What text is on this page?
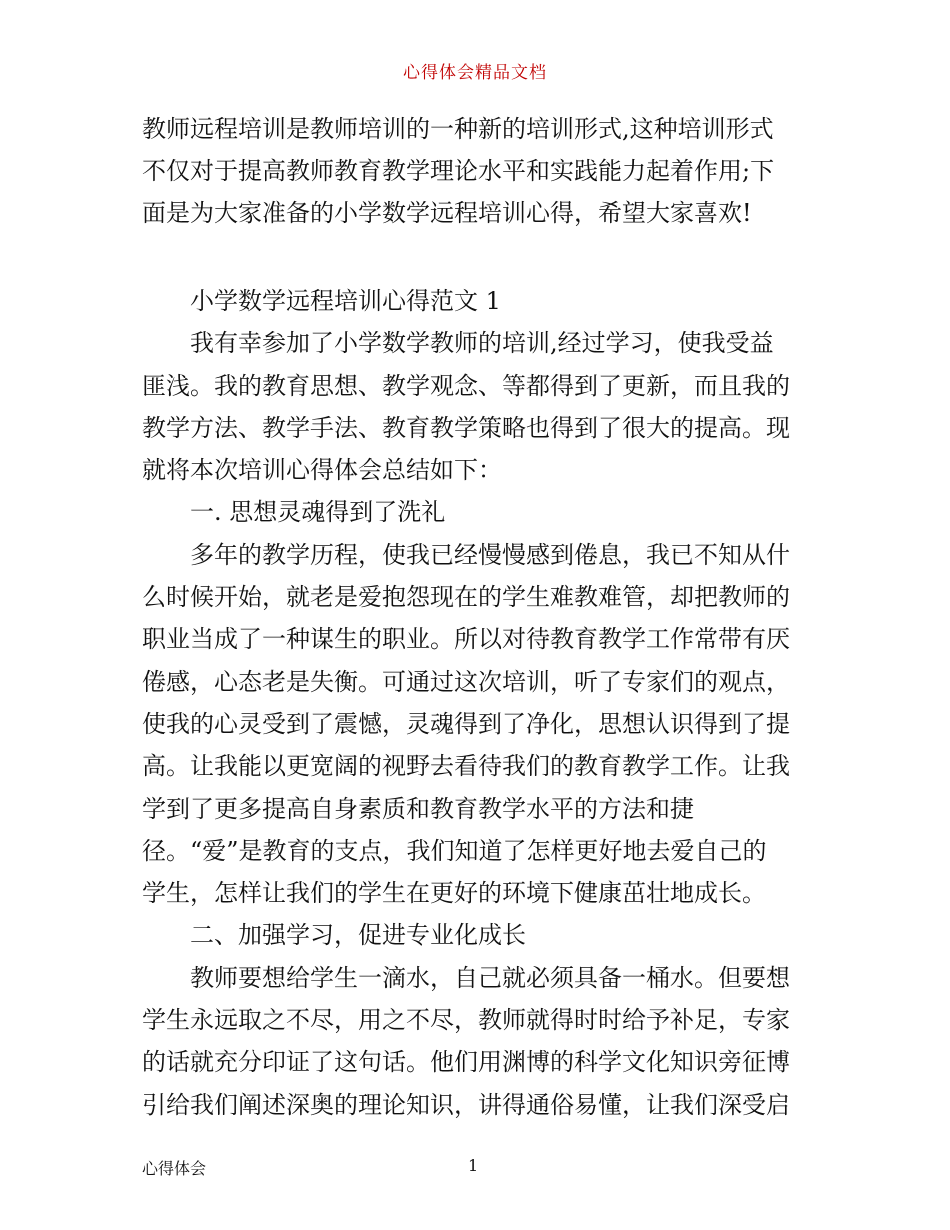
心得体会精品文档
教师远程培训是教师培训的一种新的培训形式,这种培训形式
不仅对于提高教师教育教学理论水平和实践能力起着作用;下
面是为大家准备的小学数学远程培训心得，希望大家喜欢!
小学数学远程培训心得范文 1
我有幸参加了小学数学教师的培训,经过学习，使我受益
匪浅。我的教育思想、教学观念、等都得到了更新，而且我的
教学方法、教学手法、教育教学策略也得到了很大的提高。现
就将本次培训心得体会总结如下：
一. 思想灵魂得到了洗礼
多年的教学历程，使我已经慢慢感到倦息，我已不知从什
么时候开始，就老是爱抱怨现在的学生难教难管，却把教师的
职业当成了一种谋生的职业。所以对待教育教学工作常带有厌
倦感，心态老是失衡。可通过这次培训，听了专家们的观点，
使我的心灵受到了震憾，灵魂得到了净化，思想认识得到了提
高。让我能以更宽阔的视野去看待我们的教育教学工作。让我
学到了更多提高自身素质和教育教学水平的方法和捷
径。“爱”是教育的支点，我们知道了怎样更好地去爱自己的
学生，怎样让我们的学生在更好的环境下健康茁壮地成长。
二、加强学习，促进专业化成长
教师要想给学生一滴水，自己就必须具备一桶水。但要想
学生永远取之不尽，用之不尽，教师就得时时给予补足，专家
的话就充分印证了这句话。他们用渊博的科学文化知识旁征博
引给我们阐述深奥的理论知识，讲得通俗易懂，让我们深受启
心得体会	1
